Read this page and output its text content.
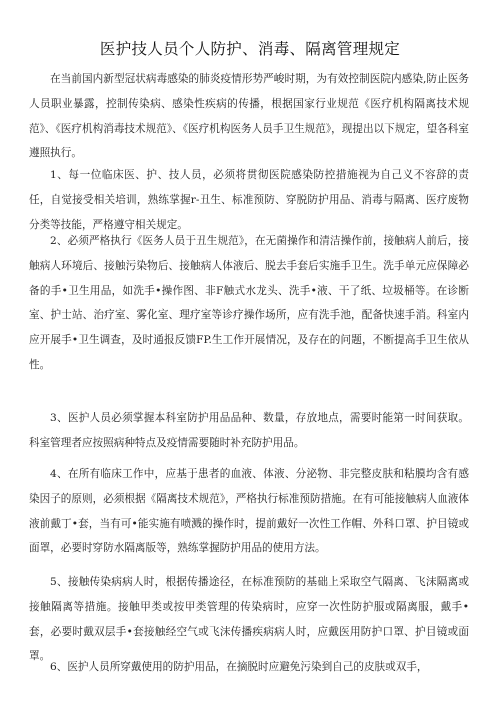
医护技人员个人防护、消毒、隔离管理规定

在当前国内新型冠状病毒感染的肺炎疫情形势严峻时期，为有效控制医院内感染,防止医务人员职业暴露，控制传染病、感染性疾病的传播，根据国家行业规范《医疗机构隔离技术规范》、《医疗机构消毒技术规范》、《医疗机构医务人员手卫生规范》，现提出以下规定，望各科室遵照执行。

1、每一位临床医、护、技人员，必须将贯彻医院感染防控措施视为自己义不容辞的责任，自觉接受相关培训，熟练掌握r-丑生、标准预防、穿脱防护用品、消毒与隔离、医疗废物分类等技能，严格遵守相关规定。

2、必须严格执行《医务人员于丑生规范》，在无菌操作和清洁操作前，接触病人前后，接触病人环境后、接触污染物后、接触病人体液后、脱去手套后实施手卫生。洗手单元应保障必备的手•卫生用品，如洗手•操作图、非F触式水龙头、洗手•液、干了纸、垃圾桶等。在诊断室、护士站、治疗室、雾化室、理疗室等诊疗操作场所，应有洗手池，配备快速手消。科室内应开展手•卫生调查，及时通报反馈FP.生工作开展情况，及存在的问题，不断提高手卫生依从性。

3、医护人员必须掌握本科室防护用品品种、数量，存放地点，需要时能第一时间获取。科室管理者应按照病种特点及疫情需要随时补充防护用品。

4、在所有临床工作中，应基于患者的血液、体液、分泌物、非完整皮肤和粘膜均含有感染因子的原则，必须根据《隔离技术规范》，严格执行标准预防措施。在有可能接触病人血液体液前戴丁•套，当有可•能实施有喷溅的操作时，提前戴好一次性工作帽、外科口罩、护目镜或面罩，必要时穿防水隔离版等，熟练掌握防护用品的使用方法。

5、接触传染病病人时，根据传播途径，在标准预防的基础上采取空气隔离、飞沫隔离或接触隔离等措施。接触甲类或按甲类管理的传染病时，应穿一次性防护服或隔离服，戴手•套，必要时戴双层手•套接触经空气或飞沫传播疾病病人时，应戴医用防护口罩、护目镜或面罩。

6、医护人员所穿戴使用的防护用品，在摘脱时应避免污染到自己的皮肤或双手，
